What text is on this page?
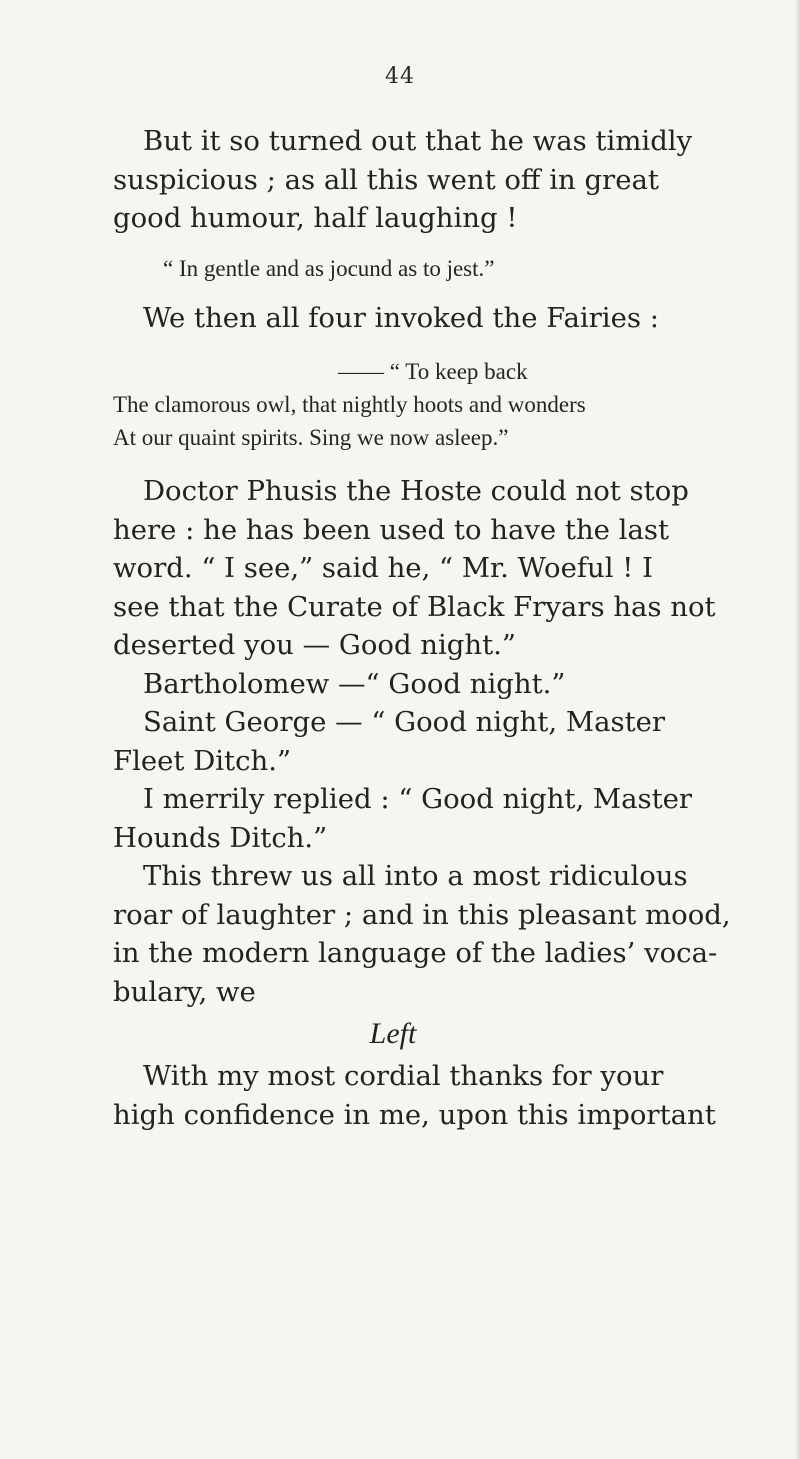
44
But it so turned out that he was timidly
suspicious ; as all this went off in great
good humour, half laughing !
“ In gentle and as jocund as to jest.”
We then all four invoked the Fairies :
—— “ To keep back
The clamorous owl, that nightly hoots and wonders
At our quaint spirits. Sing we now asleep.”
Doctor Phusis the Hoste could not stop
here : he has been used to have the last
word. “ I see,” said he, “ Mr. Woeful ! I
see that the Curate of Black Fryars has not
deserted you — Good night.”
Bartholomew —“ Good night.”
Saint George — “ Good night, Master
Fleet Ditch.”
I merrily replied : “ Good night, Master
Hounds Ditch.”
This threw us all into a most ridiculous
roar of laughter ; and in this pleasant mood,
in the modern language of the ladies’ voca-
bulary, we
Left
With my most cordial thanks for your
high confidence in me, upon this important
